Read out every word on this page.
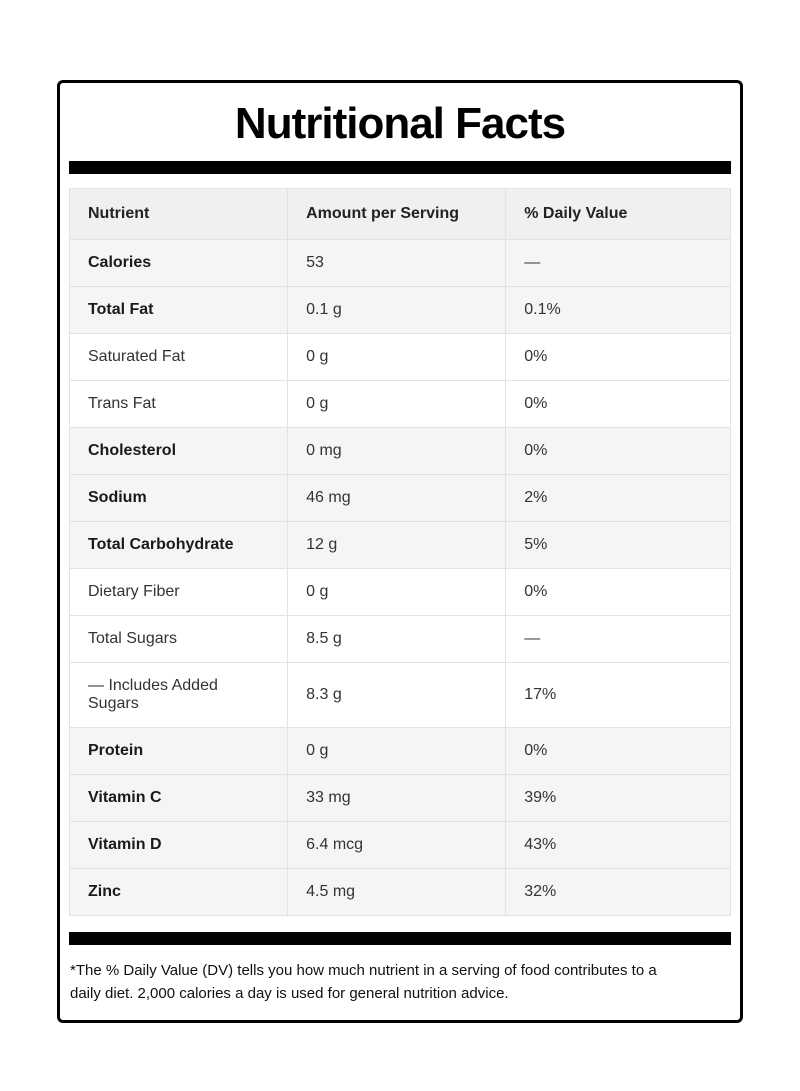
Nutritional Facts
Nutrient	Amount per Serving	% Daily Value
Calories	53	—
Total Fat	0.1 g	0.1%
Saturated Fat	0 g	0%
Trans Fat	0 g	0%
Cholesterol	0 mg	0%
Sodium	46 mg	2%
Total Carbohydrate	12 g	5%
Dietary Fiber	0 g	0%
Total Sugars	8.5 g	—
— Includes Added Sugars	8.3 g	17%
Protein	0 g	0%
Vitamin C	33 mg	39%
Vitamin D	6.4 mcg	43%
Zinc	4.5 mg	32%

*The % Daily Value (DV) tells you how much nutrient in a serving of food contributes to a daily diet. 2,000 calories a day is used for general nutrition advice.
